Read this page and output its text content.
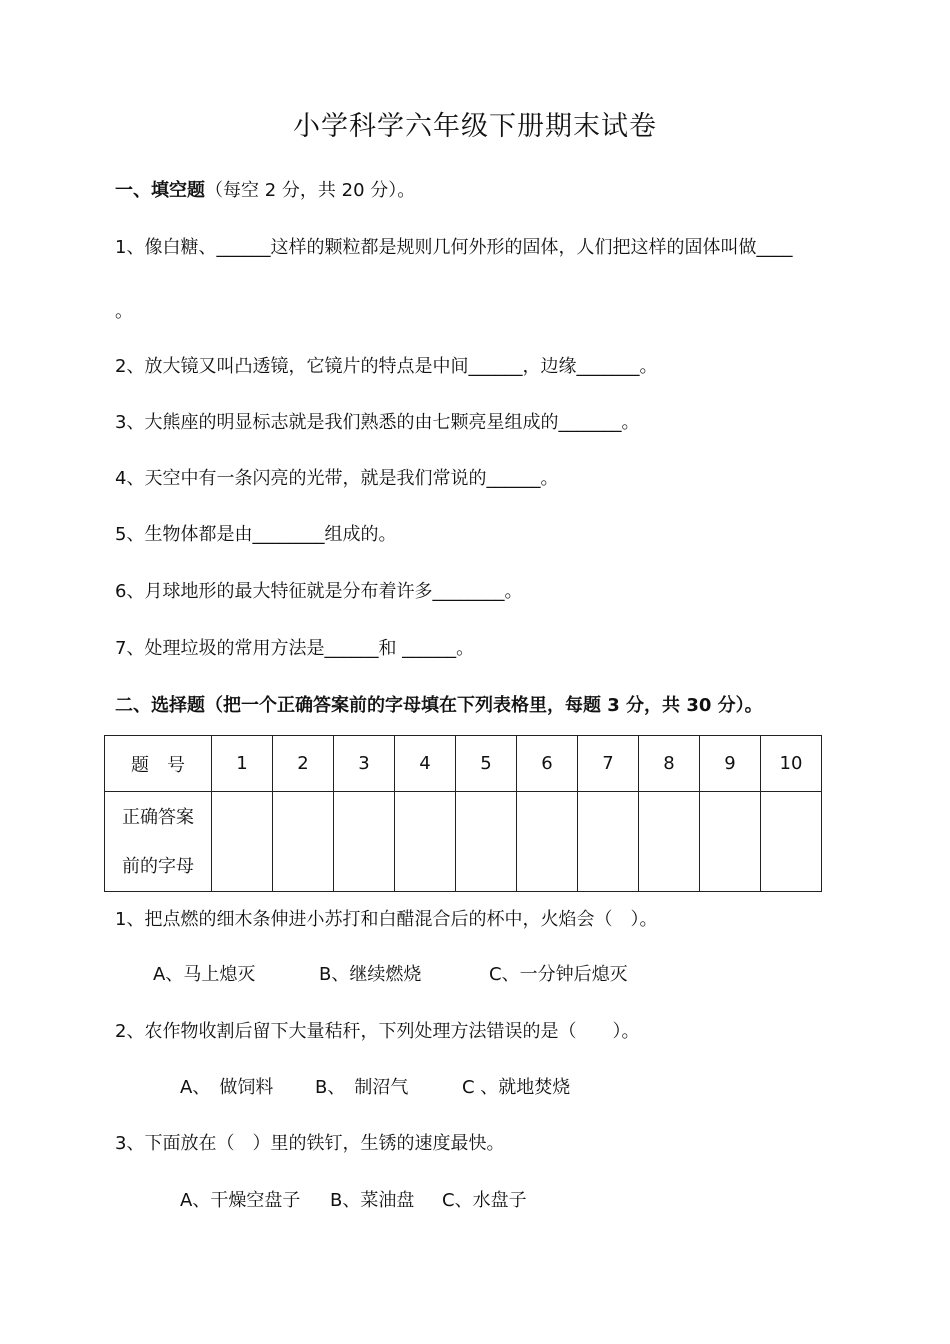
小学科学六年级下册期末试卷
一、填空题（每空 2 分，共 20 分）。
1、像白糖、______这样的颗粒都是规则几何外形的固体，人们把这样的固体叫做____
。
2、放大镜又叫凸透镜，它镜片的特点是中间______，边缘_______。
3、大熊座的明显标志就是我们熟悉的由七颗亮星组成的_______。
4、天空中有一条闪亮的光带，就是我们常说的______。
5、生物体都是由________组成的。
6、月球地形的最大特征就是分布着许多________。
7、处理垃圾的常用方法是______和 ______。
二、选择题（把一个正确答案前的字母填在下列表格里，每题 3 分，共 30 分）。
题　号	1	2	3	4	5	6	7	8	9	10

正确答案
前的字母										

1、把点燃的细木条伸进小苏打和白醋混合后的杯中，火焰会（　）。
A、马上熄灭	B、继续燃烧	C、一分钟后熄灭
2、农作物收割后留下大量秸秆，下列处理方法错误的是（　　）。
A、　做饲料 B、　制沼气	C 、就地焚烧
3、下面放在（　）里的铁钉，生锈的速度最快。
A、干燥空盘子 B、菜油盘 C、水盘子
